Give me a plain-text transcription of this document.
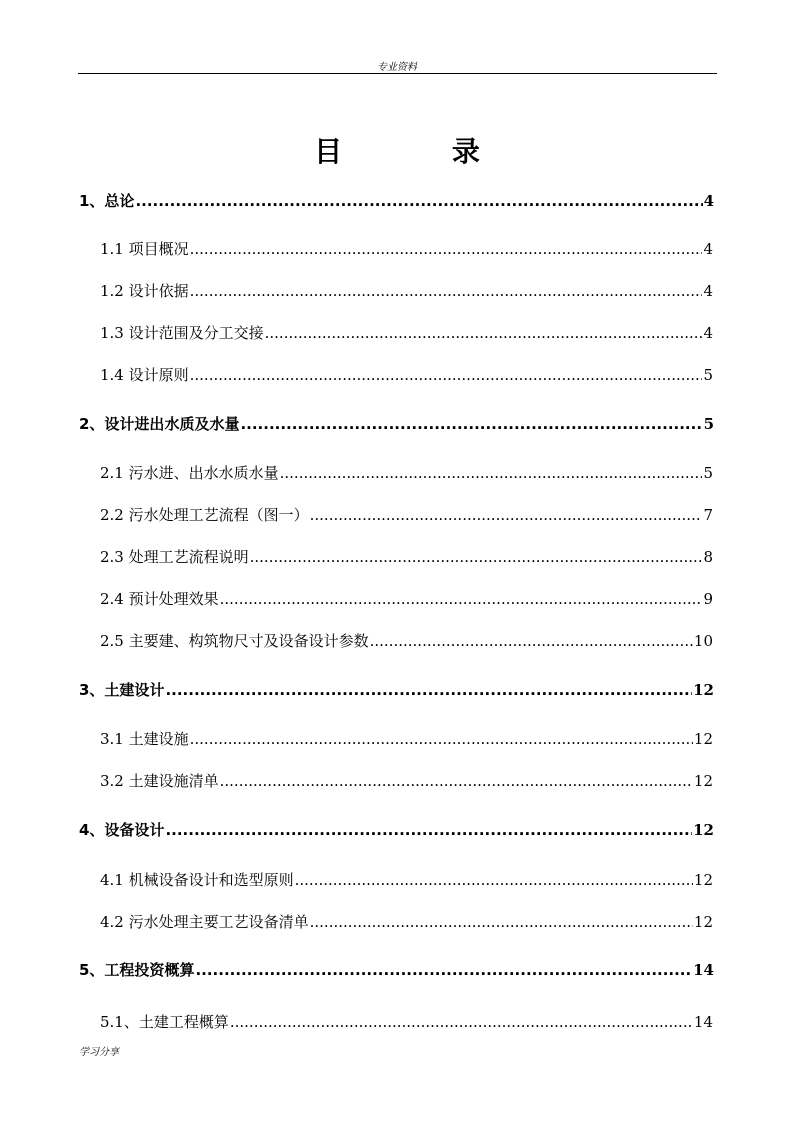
专业资料
目 录
1、总论 .....	4
1.1 项目概况 .....	4
1.2 设计依据 .....	4
1.3 设计范围及分工交接 .....	4
1.4 设计原则 .....	5
2、设计进出水质及水量 .....	5
2.1 污水进、出水水质水量 .....	5
2.2 污水处理工艺流程（图一） .....	7
2.3 处理工艺流程说明 .....	8
2.4 预计处理效果 .....	9
2.5 主要建、构筑物尺寸及设备设计参数 .....	10
3、土建设计 .....	12
3.1 土建设施 .....	12
3.2 土建设施清单 .....	12
4、设备设计 .....	12
4.1 机械设备设计和选型原则 .....	12
4.2 污水处理主要工艺设备清单 .....	12
5、工程投资概算 .....	14
5.1、土建工程概算 .....	14
学习分享
